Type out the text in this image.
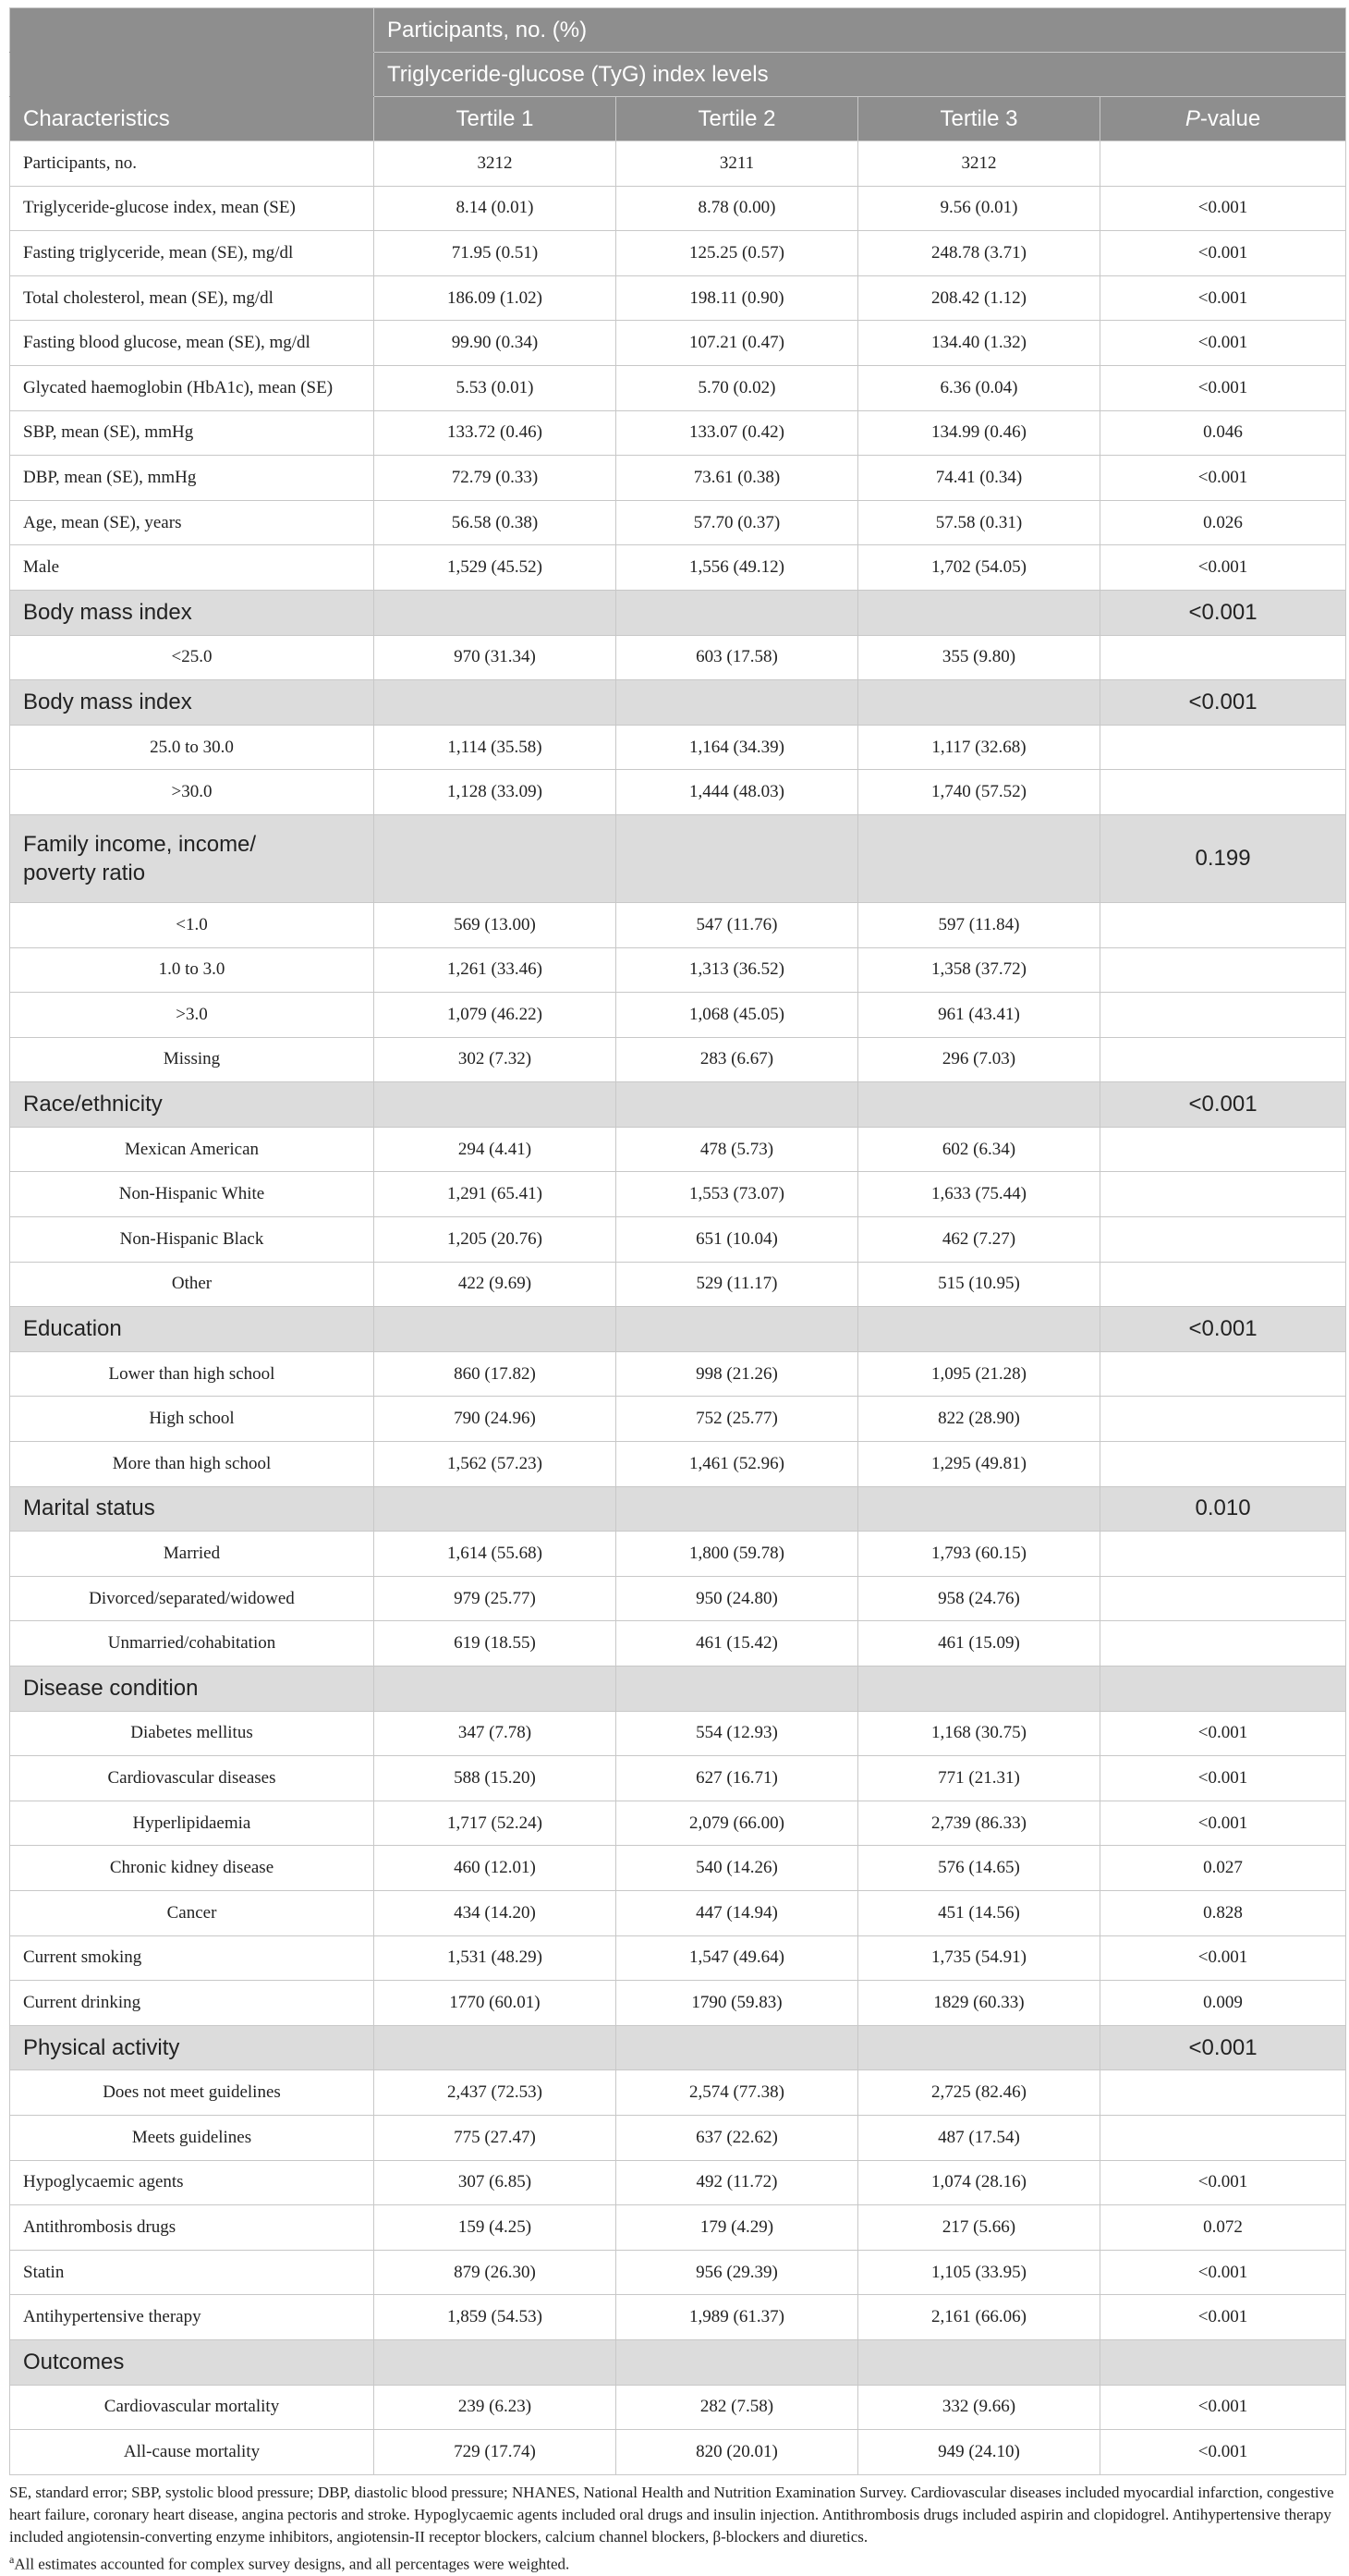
	Participants, no. (%)			
	Triglyceride-glucose (TyG) index levels			
Characteristics	Tertile 1	Tertile 2	Tertile 3	P-value
Participants, no.	3212	3211	3212	
Triglyceride-glucose index, mean (SE)	8.14 (0.01)	8.78 (0.00)	9.56 (0.01)	<0.001
Fasting triglyceride, mean (SE), mg/dl	71.95 (0.51)	125.25 (0.57)	248.78 (3.71)	<0.001
Total cholesterol, mean (SE), mg/dl	186.09 (1.02)	198.11 (0.90)	208.42 (1.12)	<0.001
Fasting blood glucose, mean (SE), mg/dl	99.90 (0.34)	107.21 (0.47)	134.40 (1.32)	<0.001
Glycated haemoglobin (HbA1c), mean (SE)	5.53 (0.01)	5.70 (0.02)	6.36 (0.04)	<0.001
SBP, mean (SE), mmHg	133.72 (0.46)	133.07 (0.42)	134.99 (0.46)	0.046
DBP, mean (SE), mmHg	72.79 (0.33)	73.61 (0.38)	74.41 (0.34)	<0.001
Age, mean (SE), years	56.58 (0.38)	57.70 (0.37)	57.58 (0.31)	0.026
Male	1,529 (45.52)	1,556 (49.12)	1,702 (54.05)	<0.001
Body mass index				<0.001
<25.0	970 (31.34)	603 (17.58)	355 (9.80)	
Body mass index				<0.001
25.0 to 30.0	1,114 (35.58)	1,164 (34.39)	1,117 (32.68)	
>30.0	1,128 (33.09)	1,444 (48.03)	1,740 (57.52)	
Family income, income/
poverty ratio				0.199
<1.0	569 (13.00)	547 (11.76)	597 (11.84)	
1.0 to 3.0	1,261 (33.46)	1,313 (36.52)	1,358 (37.72)	
>3.0	1,079 (46.22)	1,068 (45.05)	961 (43.41)	
Missing	302 (7.32)	283 (6.67)	296 (7.03)	
Race/ethnicity				<0.001
Mexican American	294 (4.41)	478 (5.73)	602 (6.34)	
Non-Hispanic White	1,291 (65.41)	1,553 (73.07)	1,633 (75.44)	
Non-Hispanic Black	1,205 (20.76)	651 (10.04)	462 (7.27)	
Other	422 (9.69)	529 (11.17)	515 (10.95)	
Education				<0.001
Lower than high school	860 (17.82)	998 (21.26)	1,095 (21.28)	
High school	790 (24.96)	752 (25.77)	822 (28.90)	
More than high school	1,562 (57.23)	1,461 (52.96)	1,295 (49.81)	
Marital status				0.010
Married	1,614 (55.68)	1,800 (59.78)	1,793 (60.15)	
Divorced/separated/widowed	979 (25.77)	950 (24.80)	958 (24.76)	
Unmarried/cohabitation	619 (18.55)	461 (15.42)	461 (15.09)	
Disease condition				
Diabetes mellitus	347 (7.78)	554 (12.93)	1,168 (30.75)	<0.001
Cardiovascular diseases	588 (15.20)	627 (16.71)	771 (21.31)	<0.001
Hyperlipidaemia	1,717 (52.24)	2,079 (66.00)	2,739 (86.33)	<0.001
Chronic kidney disease	460 (12.01)	540 (14.26)	576 (14.65)	0.027
Cancer	434 (14.20)	447 (14.94)	451 (14.56)	0.828
Current smoking	1,531 (48.29)	1,547 (49.64)	1,735 (54.91)	<0.001
Current drinking	1770 (60.01)	1790 (59.83)	1829 (60.33)	0.009
Physical activity				<0.001
Does not meet guidelines	2,437 (72.53)	2,574 (77.38)	2,725 (82.46)	
Meets guidelines	775 (27.47)	637 (22.62)	487 (17.54)	
Hypoglycaemic agents	307 (6.85)	492 (11.72)	1,074 (28.16)	<0.001
Antithrombosis drugs	159 (4.25)	179 (4.29)	217 (5.66)	0.072
Statin	879 (26.30)	956 (29.39)	1,105 (33.95)	<0.001
Antihypertensive therapy	1,859 (54.53)	1,989 (61.37)	2,161 (66.06)	<0.001
Outcomes				
Cardiovascular mortality	239 (6.23)	282 (7.58)	332 (9.66)	<0.001
All-cause mortality	729 (17.74)	820 (20.01)	949 (24.10)	<0.001

SE, standard error; SBP, systolic blood pressure; DBP, diastolic blood pressure; NHANES, National Health and Nutrition Examination Survey. Cardiovascular diseases included myocardial infarction, congestive heart failure, coronary heart disease, angina pectoris and stroke. Hypoglycaemic agents included oral drugs and insulin injection. Antithrombosis drugs included aspirin and clopidogrel. Antihypertensive therapy included angiotensin-converting enzyme inhibitors, angiotensin-II receptor blockers, calcium channel blockers, β-blockers and diuretics.

$^a$All estimates accounted for complex survey designs, and all percentages were weighted.
